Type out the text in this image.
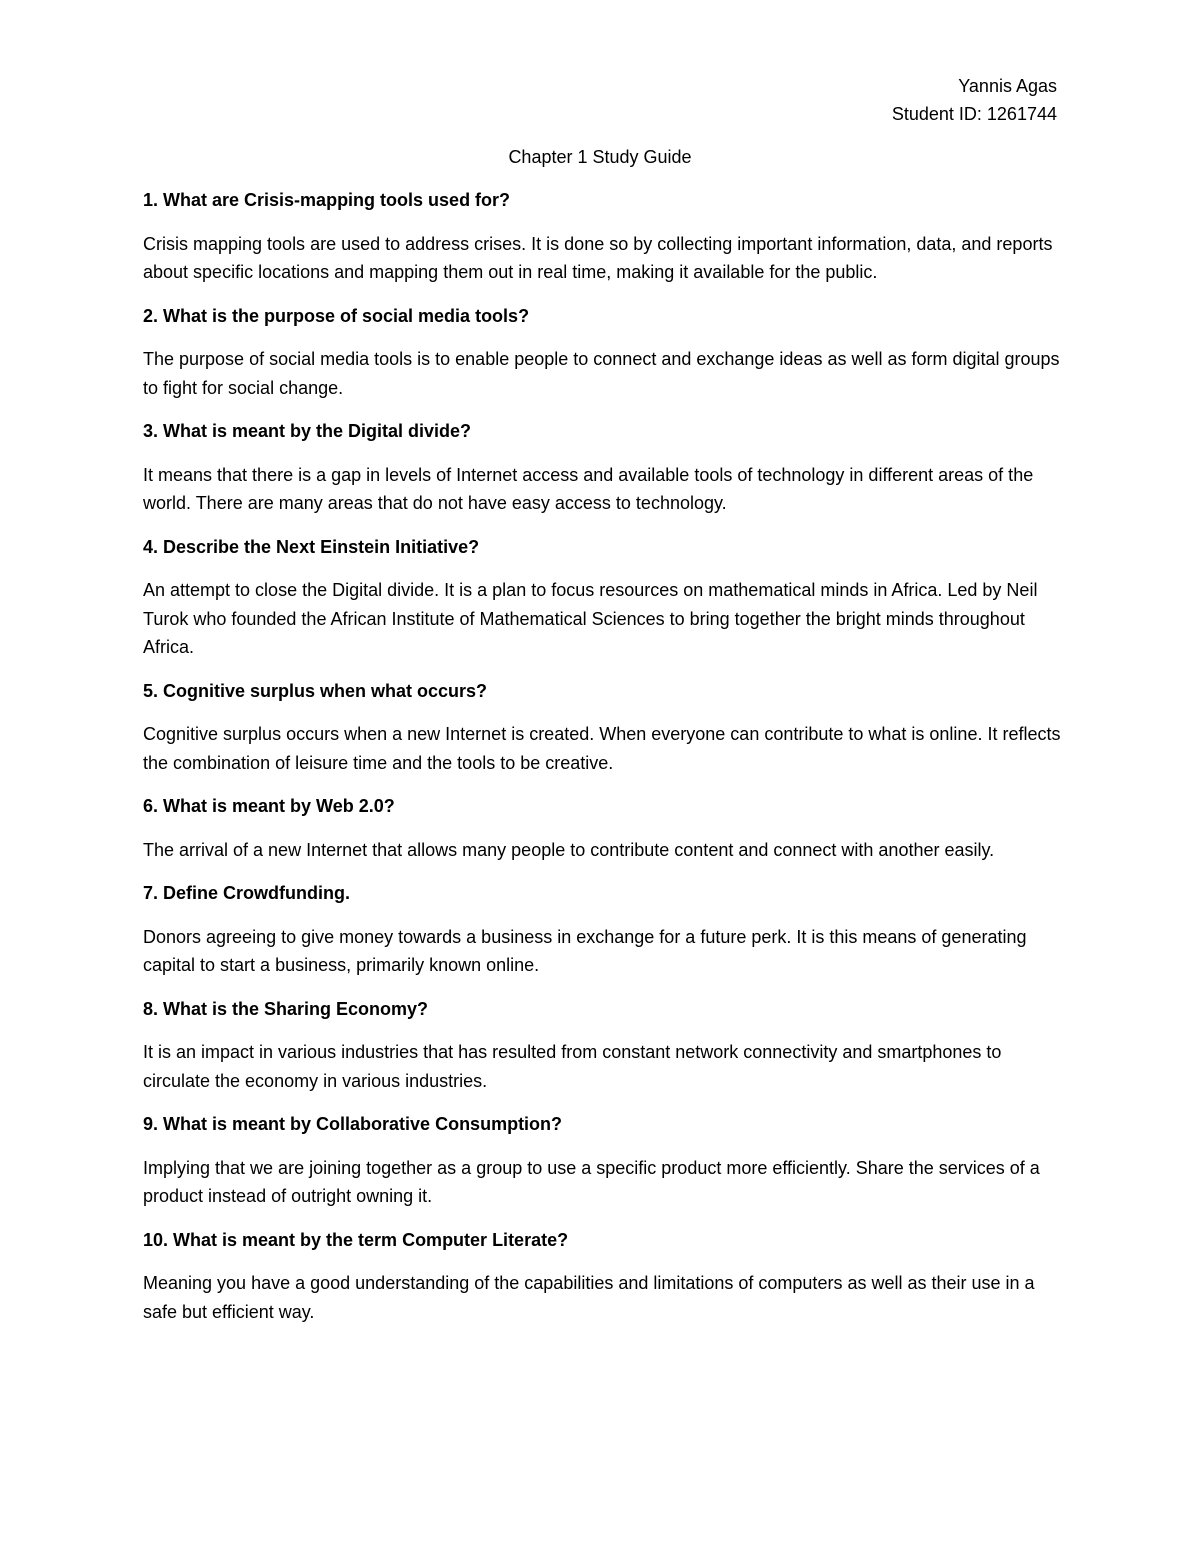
Yannis Agas
Student ID: 1261744
Chapter 1 Study Guide

1. What are Crisis-mapping tools used for?

Crisis mapping tools are used to address crises. It is done so by collecting important information, data, and reports about specific locations and mapping them out in real time, making it available for the public.

2. What is the purpose of social media tools?

The purpose of social media tools is to enable people to connect and exchange ideas as well as form digital groups to fight for social change.

3. What is meant by the Digital divide?

It means that there is a gap in levels of Internet access and available tools of technology in different areas of the world. There are many areas that do not have easy access to technology.

4. Describe the Next Einstein Initiative?

An attempt to close the Digital divide. It is a plan to focus resources on mathematical minds in Africa. Led by Neil Turok who founded the African Institute of Mathematical Sciences to bring together the bright minds throughout Africa.

5. Cognitive surplus when what occurs?

Cognitive surplus occurs when a new Internet is created. When everyone can contribute to what is online. It reflects the combination of leisure time and the tools to be creative.

6. What is meant by Web 2.0?

The arrival of a new Internet that allows many people to contribute content and connect with another easily.

7. Define Crowdfunding.

Donors agreeing to give money towards a business in exchange for a future perk. It is this means of generating capital to start a business, primarily known online.

8. What is the Sharing Economy?

It is an impact in various industries that has resulted from constant network connectivity and smartphones to circulate the economy in various industries.

9. What is meant by Collaborative Consumption?

Implying that we are joining together as a group to use a specific product more efficiently. Share the services of a product instead of outright owning it.

10. What is meant by the term Computer Literate?

Meaning you have a good understanding of the capabilities and limitations of computers as well as their use in a safe but efficient way.
